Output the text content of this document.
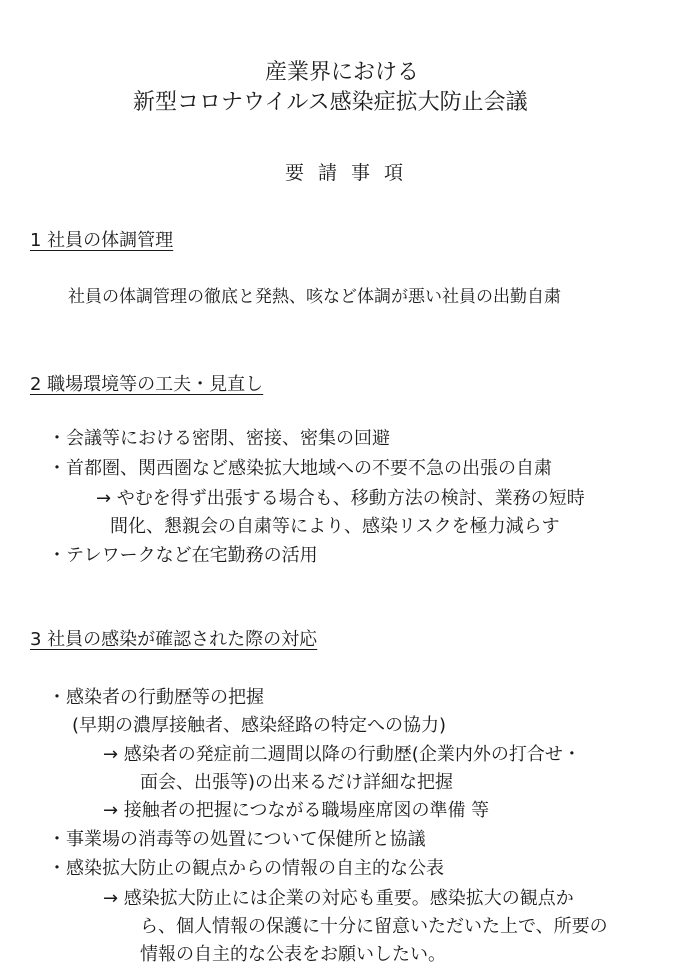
産業界における
新型コロナウイルス感染症拡大防止会議
要請事項
1 社員の体調管理
社員の体調管理の徹底と発熱、咳など体調が悪い社員の出勤自粛
2 職場環境等の工夫・見直し
・ 会議等における密閉、密接、密集の回避
・ 首都圏、関西圏など感染拡大地域への不要不急の出張の自粛
→ やむを得ず出張する場合も、移動方法の検討、業務の短時
間化、懇親会の自粛等により、感染リスクを極力減らす
・ テレワークなど在宅勤務の活用
3 社員の感染が確認された際の対応
・ 感染者の行動歴等の把握
(早期の濃厚接触者、感染経路の特定への協力)
→ 感染者の発症前二週間以降の行動歴(企業内外の打合せ・
面会、出張等)の出来るだけ詳細な把握
→ 接触者の把握につながる職場座席図の準備 等
・ 事業場の消毒等の処置について保健所と協議
・ 感染拡大防止の観点からの情報の自主的な公表
→ 感染拡大防止には企業の対応も重要。感染拡大の観点か
ら、個人情報の保護に十分に留意いただいた上で、所要の
情報の自主的な公表をお願いしたい。
